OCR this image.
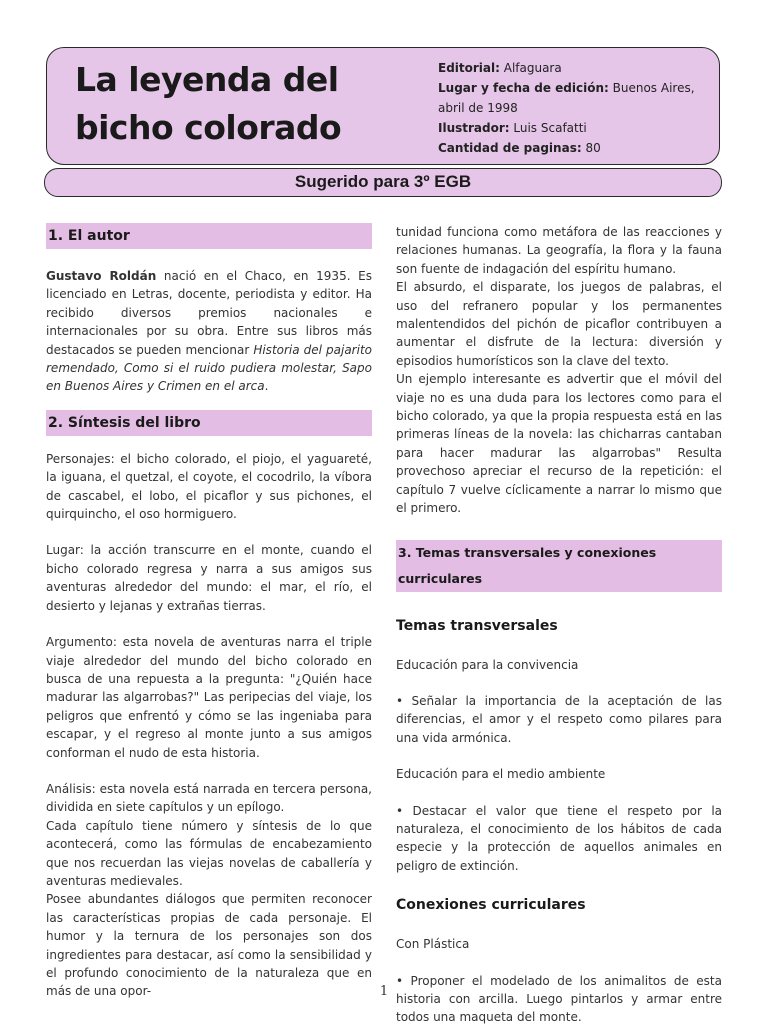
La leyenda del
bicho colorado
Editorial: Alfaguara
Lugar y fecha de edición: Buenos Aires, abril de 1998
Ilustrador: Luis Scafatti
Cantidad de paginas: 80
Sugerido para 3º EGB
1. El autor

Gustavo Roldán nació en el Chaco, en 1935. Es licenciado en Letras, docente, periodista y editor. Ha recibido diversos premios nacionales e internacionales por su obra. Entre sus libros más destacados se pueden mencionar Historia del pajarito remendado, Como si el ruido pudiera molestar, Sapo en Buenos Aires y Crimen en el arca.

2. Síntesis del libro

Personajes: el bicho colorado, el piojo, el yaguareté, la iguana, el quetzal, el coyote, el cocodrilo, la víbora de cascabel, el lobo, el picaflor y sus pichones, el quirquincho, el oso hormiguero.

Lugar: la acción transcurre en el monte, cuando el bicho colorado regresa y narra a sus amigos sus aventuras alrededor del mundo: el mar, el río, el desierto y lejanas y extrañas tierras.

Argumento: esta novela de aventuras narra el triple viaje alrededor del mundo del bicho colorado en busca de una repuesta a la pregunta: "¿Quién hace madurar las algarrobas?" Las peripecias del viaje, los peligros que enfrentó y cómo se las ingeniaba para escapar, y el regreso al monte junto a sus amigos conforman el nudo de esta historia.

Análisis: esta novela está narrada en tercera persona, dividida en siete capítulos y un epílogo.

Cada capítulo tiene número y síntesis de lo que acontecerá, como las fórmulas de encabezamiento que nos recuerdan las viejas novelas de caballería y aventuras medievales.

Posee abundantes diálogos que permiten reconocer las características propias de cada personaje. El humor y la ternura de los personajes son dos ingredientes para destacar, así como la sensibilidad y el profundo conocimiento de la naturaleza que en más de una opor-

tunidad funciona como metáfora de las reacciones y relaciones humanas. La geografía, la flora y la fauna son fuente de indagación del espíritu humano.

El absurdo, el disparate, los juegos de palabras, el uso del refranero popular y los permanentes malentendidos del pichón de picaflor contribuyen a aumentar el disfrute de la lectura: diversión y episodios humorísticos son la clave del texto.

Un ejemplo interesante es advertir que el móvil del viaje no es una duda para los lectores como para el bicho colorado, ya que la propia respuesta está en las primeras líneas de la novela: las chicharras cantaban para hacer madurar las algarrobas" Resulta provechoso apreciar el recurso de la repetición: el capítulo 7 vuelve cíclicamente a narrar lo mismo que el primero.

3. Temas transversales y conexiones curriculares
Temas transversales

Educación para la convivencia

• Señalar la importancia de la aceptación de las diferencias, el amor y el respeto como pilares para una vida armónica.

Educación para el medio ambiente

• Destacar el valor que tiene el respeto por la naturaleza, el conocimiento de los hábitos de cada especie y la protección de aquellos animales en peligro de extinción.

Conexiones curriculares

Con Plástica

• Proponer el modelado de los animalitos de esta historia con arcilla. Luego pintarlos y armar entre todos una maqueta del monte.

1
